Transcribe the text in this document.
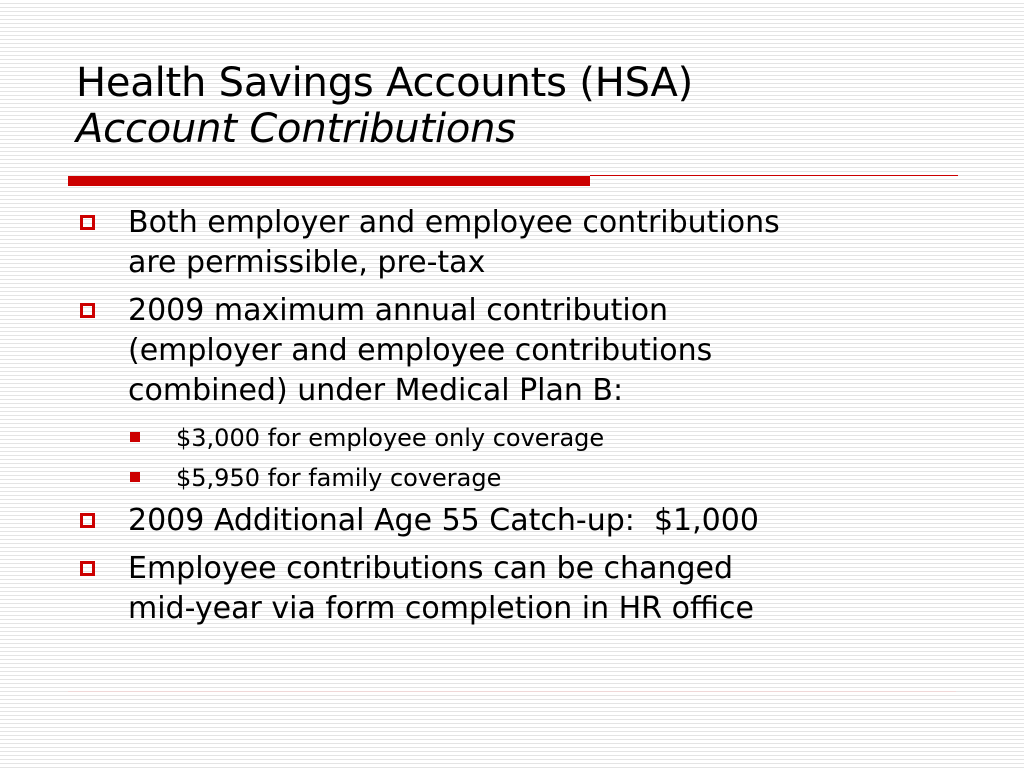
Health Savings Accounts (HSA)
Account Contributions
Both employer and employee contributions
are permissible, pre-tax
2009 maximum annual contribution
(employer and employee contributions
combined) under Medical Plan B:
$3,000 for employee only coverage
$5,950 for family coverage
2009 Additional Age 55 Catch-up:  $1,000
Employee contributions can be changed
mid-year via form completion in HR office
